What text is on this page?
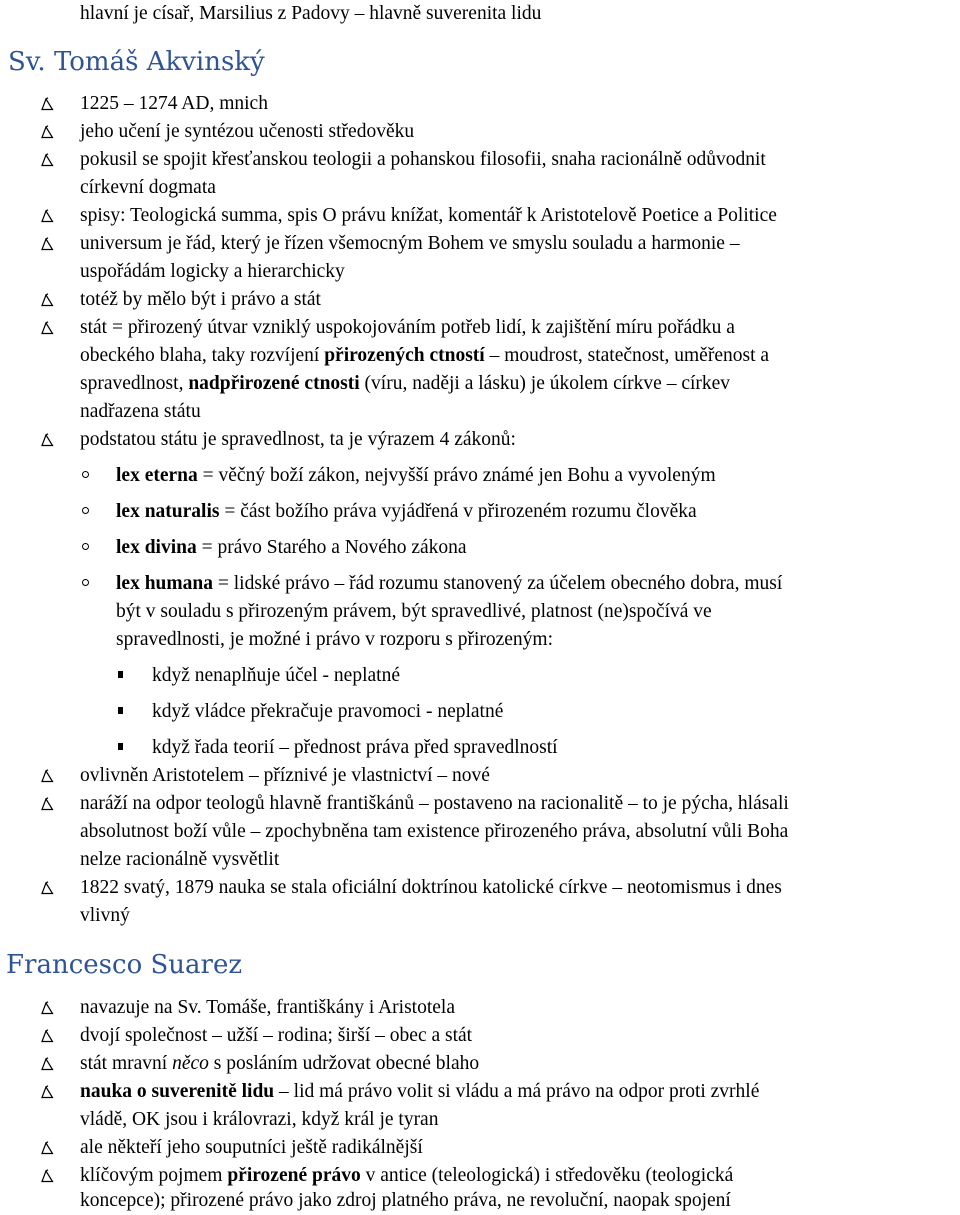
hlavní je císař, Marsilius z Padovy – hlavně suverenita lidu
Sv. Tomáš Akvinský
1225 – 1274 AD, mnich
jeho učení je syntézou učenosti středověku
pokusil se spojit křesťanskou teologii a pohanskou filosofii, snaha racionálně odůvodnit
církevní dogmata
spisy: Teologická summa, spis O právu knížat, komentář k Aristotelově Poetice a Politice
universum je řád, který je řízen všemocným Bohem ve smyslu souladu a harmonie –
uspořádám logicky a hierarchicky
totéž by mělo být i právo a stát
stát = přirozený útvar vzniklý uspokojováním potřeb lidí, k zajištění míru pořádku a
obeckého blaha, taky rozvíjení přirozených ctností – moudrost, statečnost, uměřenost a
spravedlnost, nadpřirozené ctnosti (víru, naději a lásku) je úkolem církve – církev
nadřazena státu
podstatou státu je spravedlnost, ta je výrazem 4 zákonů:
lex eterna = věčný boží zákon, nejvyšší právo známé jen Bohu a vyvoleným
lex naturalis = část božího práva vyjádřená v přirozeném rozumu člověka
lex divina = právo Starého a Nového zákona
lex humana = lidské právo – řád rozumu stanovený za účelem obecného dobra, musí
být v souladu s přirozeným právem, být spravedlivé, platnost (ne)spočívá ve
spravedlnosti, je možné i právo v rozporu s přirozeným:
když nenaplňuje účel - neplatné
když vládce překračuje pravomoci - neplatné
když řada teorií – přednost práva před spravedlností
ovlivněn Aristotelem – příznivé je vlastnictví – nové
naráží na odpor teologů hlavně františkánů – postaveno na racionalitě – to je pýcha, hlásali
absolutnost boží vůle – zpochybněna tam existence přirozeného práva, absolutní vůli Boha
nelze racionálně vysvětlit
1822 svatý, 1879 nauka se stala oficiální doktrínou katolické církve – neotomismus i dnes
vlivný
Francesco Suarez
navazuje na Sv. Tomáše, františkány i Aristotela
dvojí společnost – užší – rodina; širší – obec a stát
stát mravní něco s posláním udržovat obecné blaho
nauka o suverenitě lidu – lid má právo volit si vládu a má právo na odpor proti zvrhlé
vládě, OK jsou i královrazi, když král je tyran
ale někteří jeho souputníci ještě radikálnější
klíčovým pojmem přirozené právo v antice (teleologická) i středověku (teologická
koncepce); přirozené právo jako zdroj platného práva, ne revoluční, naopak spojení
